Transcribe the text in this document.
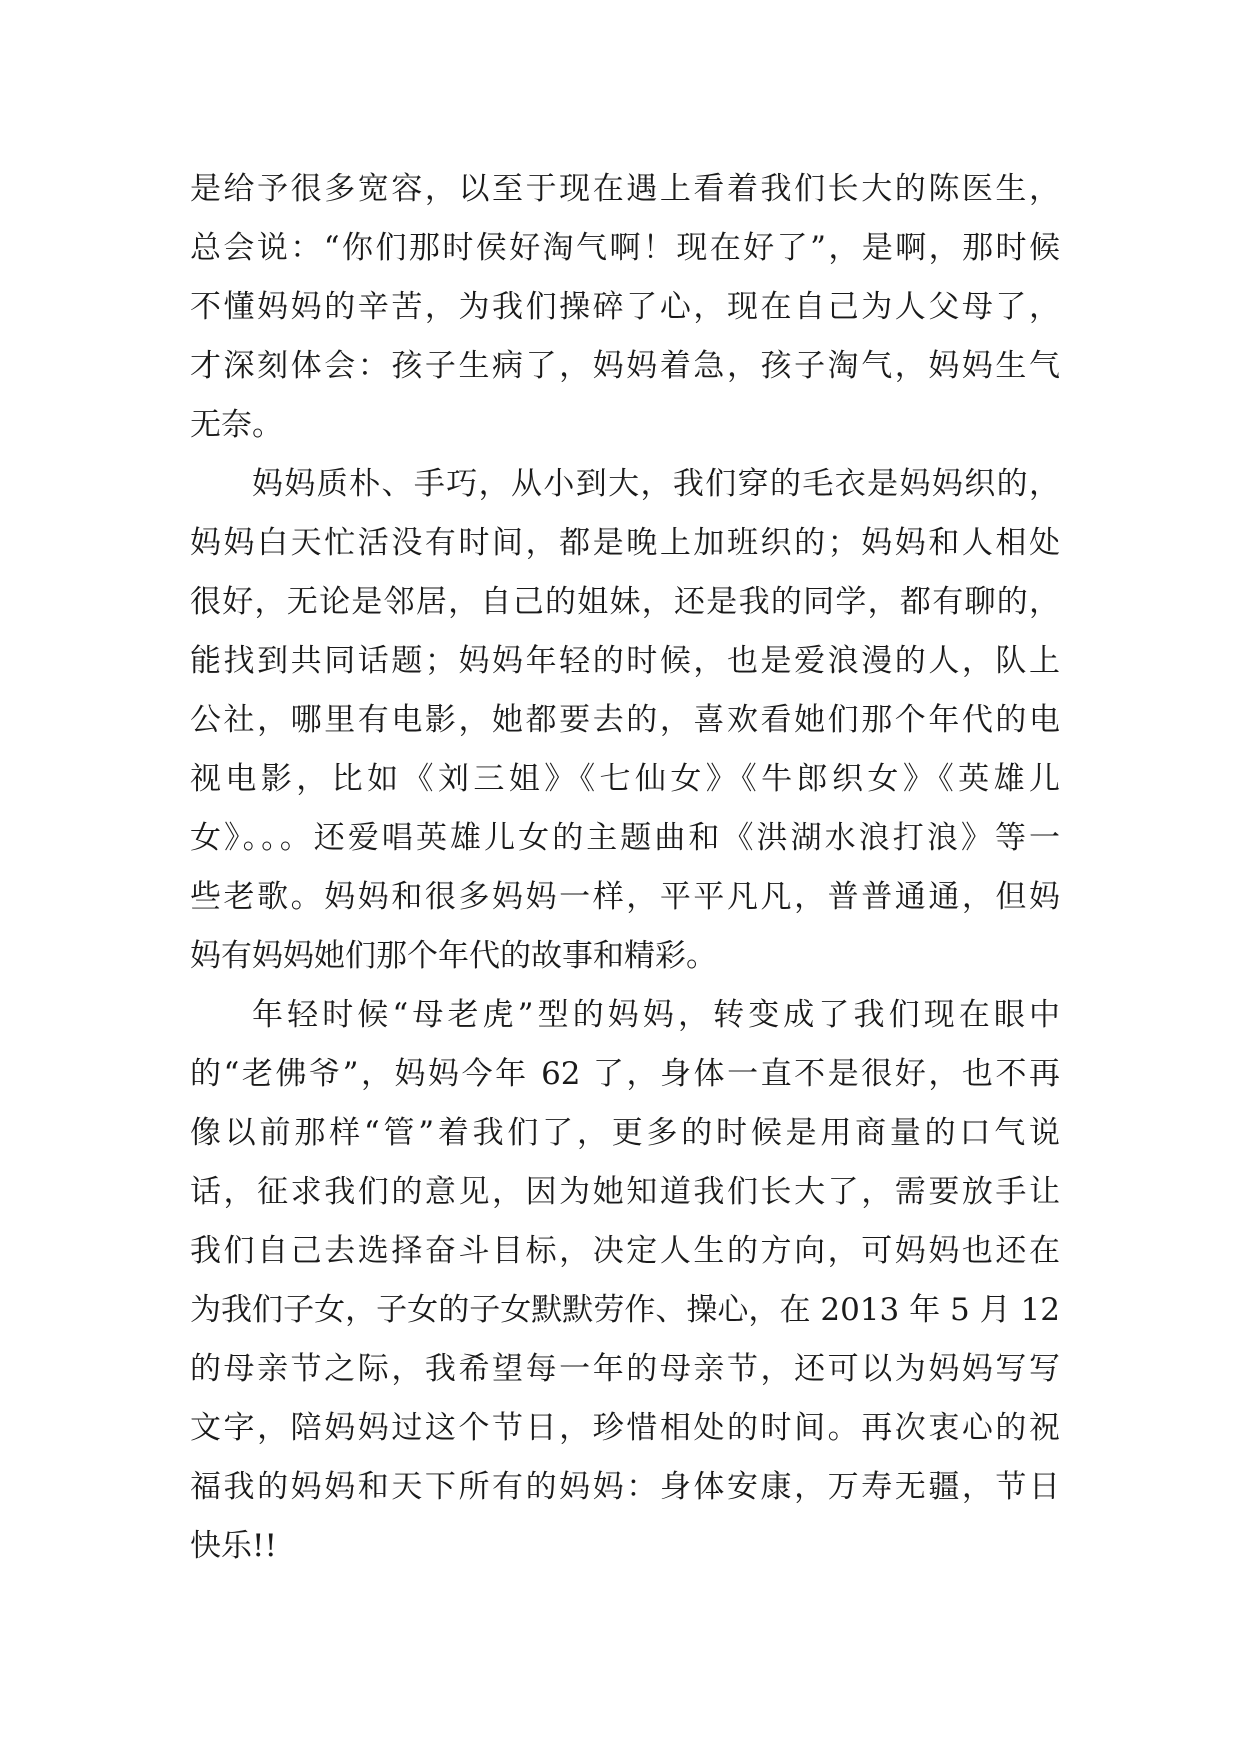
是给予很多宽容，以至于现在遇上看着我们长大的陈医生，
总会说：“你们那时侯好淘气啊！现在好了”，是啊，那时候
不懂妈妈的辛苦，为我们操碎了心，现在自己为人父母了，
才深刻体会：孩子生病了，妈妈着急，孩子淘气，妈妈生气
无奈。
妈妈质朴、手巧，从小到大，我们穿的毛衣是妈妈织的，
妈妈白天忙活没有时间，都是晚上加班织的；妈妈和人相处
很好，无论是邻居，自己的姐妹，还是我的同学，都有聊的，
能找到共同话题；妈妈年轻的时候，也是爱浪漫的人，队上
公社，哪里有电影，她都要去的，喜欢看她们那个年代的电
视电影，比如《刘三姐》《七仙女》《牛郎织女》《英雄儿
女》。。。还爱唱英雄儿女的主题曲和《洪湖水浪打浪》等一
些老歌。妈妈和很多妈妈一样，平平凡凡，普普通通，但妈
妈有妈妈她们那个年代的故事和精彩。
年轻时候“母老虎”型的妈妈，转变成了我们现在眼中
的“老佛爷”，妈妈今年 62 了，身体一直不是很好，也不再
像以前那样“管”着我们了，更多的时候是用商量的口气说
话，征求我们的意见，因为她知道我们长大了，需要放手让
我们自己去选择奋斗目标，决定人生的方向，可妈妈也还在
为我们子女，子女的子女默默劳作、操心，在 2013 年 5 月 12
的母亲节之际，我希望每一年的母亲节，还可以为妈妈写写
文字，陪妈妈过这个节日，珍惜相处的时间。再次衷心的祝
福我的妈妈和天下所有的妈妈：身体安康，万寿无疆，节日
快乐!!
